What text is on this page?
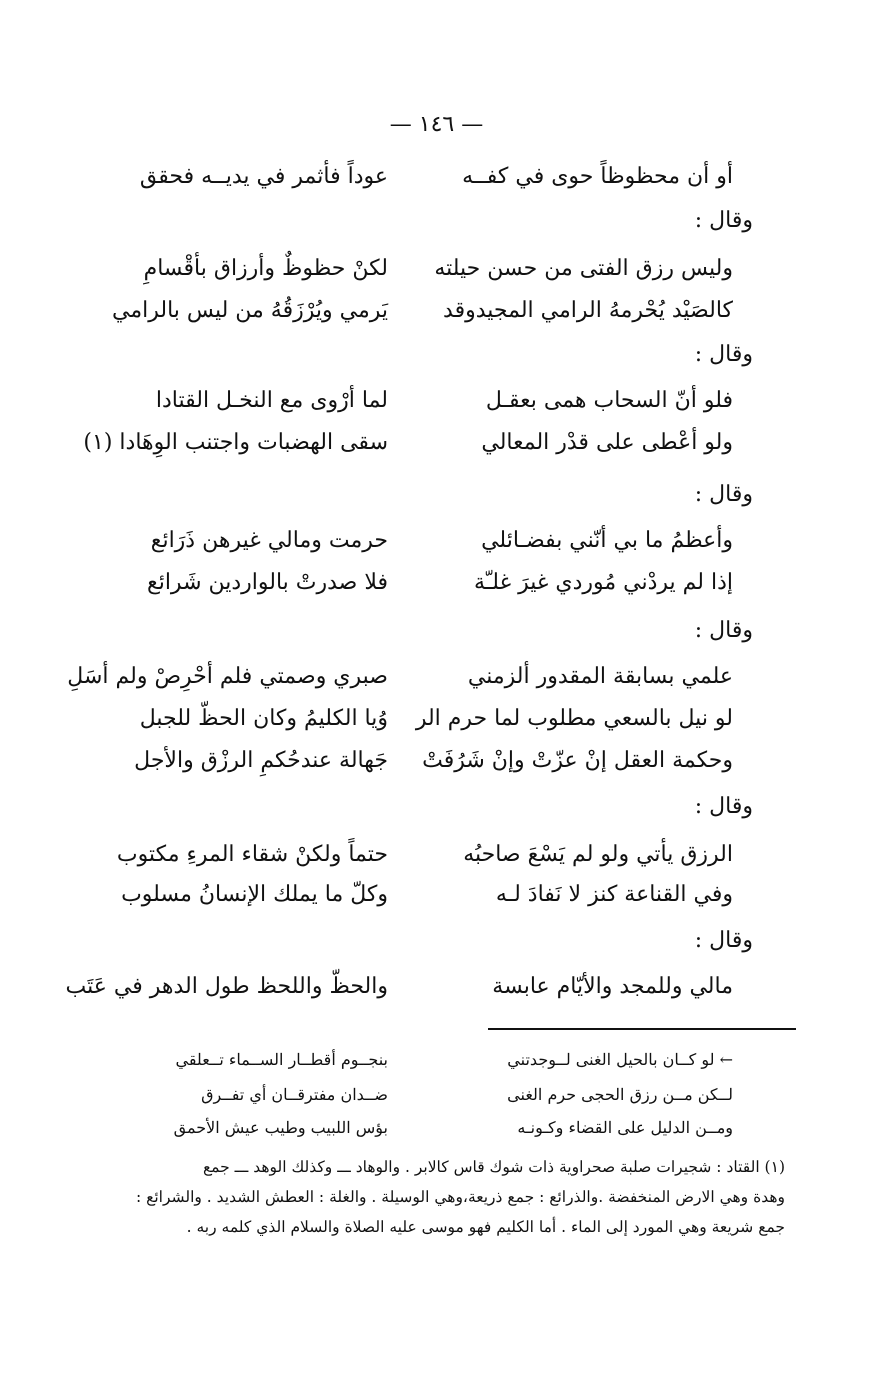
— ١٤٦ —
أو أن محظوظاً حوى في كفــه
عوداً فأثمر في يديــه فحقق
وقال :
وليس رزق الفتى من حسن حيلته
لكنْ حظوظٌ وأرزاق بأقْسامِ
كالصَيْد يُحْرمهُ الرامي المجيدوقد
يَرمي ويُرْزَقُهُ من ليس بالرامي
وقال :
فلو أنّ السحاب همى بعقـل
لما أرْوى مع النخـل القتادا
ولو أعْطى على قدْر المعالي
سقى الهضبات واجتنب الوِهَادا (١)
وقال :
وأعظمُ ما بي أنّني بفضـائلي
حرمت ومالي غيرهن ذَرَائع
إذا لم يردْني مُوردي غيرَ غلـّة
فلا صدرتْ بالواردين شَرائع
وقال :
علمي بسابقة المقدور ألزمني
صبري وصمتي فلم أحْرِصْ ولم أسَلِ
لو نيل بالسعي مطلوب لما حرم الر
وُيا الكليمُ وكان الحظّ للجبل
وحكمة العقل إنْ عزّتْ وإنْ شَرُفَتْ
جَهالة عندحُكمِ الرزْق والأجل
وقال :
الرزق يأتي ولو لم يَسْعَ صاحبُه
حتماً ولكنْ شقاء المرءِ مكتوب
وفي القناعة كنز لا نَفادَ لـه
وكلّ ما يملك الإنسانُ مسلوب
وقال :
مالي وللمجد والأيّام عابسة
والحظّ واللحظ طول الدهر في عَتَب
← لو كــان بالحيل الغنى لــوجدتني
بنجــوم أقطــار الســماء تــعلقي
لــكن مــن رزق الحجى حرم الغنى
ضــدان مفترقــان أي تفــرق
ومــن الدليل على القضاء وكـونـه
بؤس اللبيب وطيب عيش الأحمق
(١) القتاد : شجيرات صلبة صحراوية ذات شوك قاس كالابر . والوهاد ـــ وكذلك الوهد ـــ جمع
وهدة وهي الارض المنخفضة .والذرائع : جمع ذريعة،وهي الوسيلة . والغلة : العطش الشديد . والشرائع :
جمع شريعة وهي المورد إلى الماء . أما الكليم فهو موسى عليه الصلاة والسلام الذي كلمه ربه .
